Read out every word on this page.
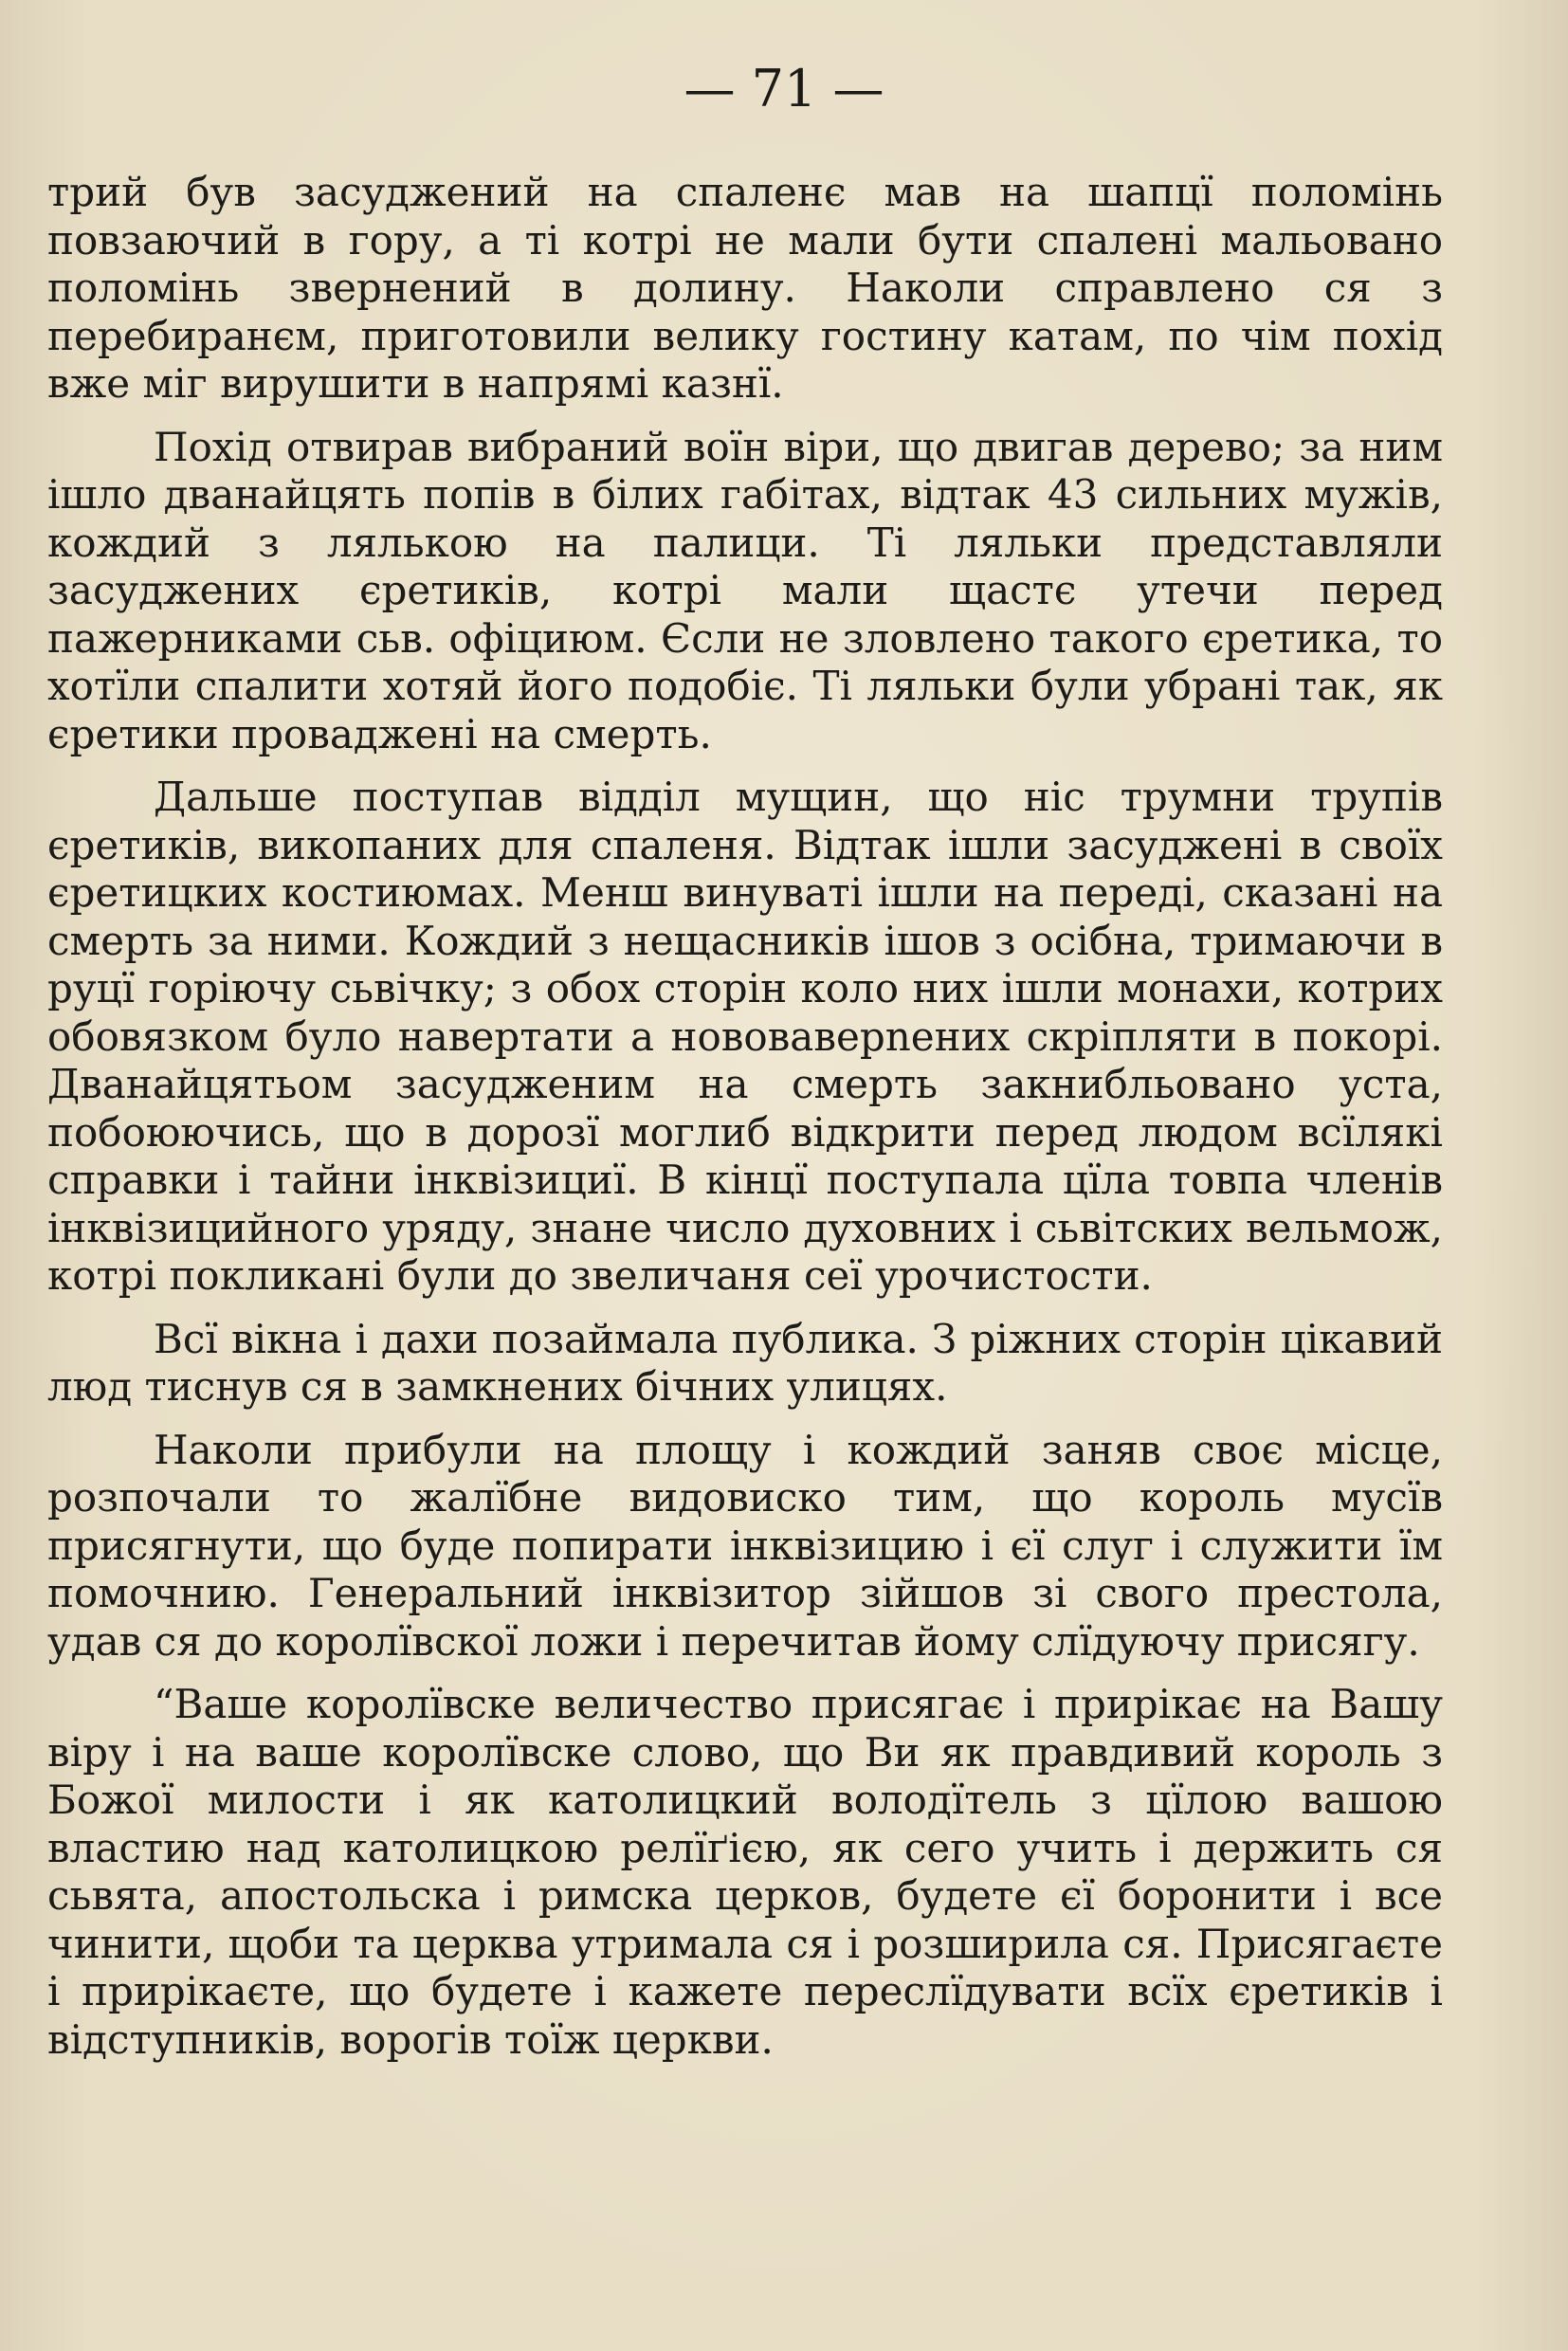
— 71 —

трий був засуджений на спаленє мав на шапцї поломінь повзаючий в гору, а ті котрі не мали бути спалені мальовано поломінь звернений в долину. Наколи справлено ся з перебиранєм, приготовили велику гостину катам, по чім похід вже міг вирушити в напрямі казнї.

Похід отвирав вибраний воїн віри, що двигав дерево; за ним ішло дванайцять попів в білих габітах, відтак 43 сильних мужів, кождий з лялькою на палици. Ті ляльки представляли засуджених єретиків, котрі мали щастє утечи перед пажерниками сьв. офіциюм. Єсли не зловлено такого єретика, то хотїли спалити хотяй його подобiє. Ті ляльки були убрані так, як єретики проваджені на смерть.

Дальше поступав відділ мущин, що ніс трумни трупів єретиків, викопаних для спаленя. Відтак ішли засуджені в своїх єретицких костиюмах. Менш винуваті ішли на переді, сказані на смерть за ними. Кождий з нещасників ішов з осібна, тримаючи в руцї горіючу сьвічку; з обох сторін коло них ішли монахи, котрих обовязком було навертати а нововаверnених скріпляти в покорі. Дванайцятьом засудженим на смерть закнибльовано уста, побоюючись, що в дорозї моглиб відкрити перед людом всїлякі справки і тайни інквізициї. В кінцї поступала цїла товпа членів інквізицийного уряду, знане число духовних і сьвітских вельмож, котрі покликані були до звеличаня сеї урочистости.

Всї вікна і дахи позаймала публика. З ріжних сторін цікавий люд тиснув ся в замкнених бічних улицях.

Наколи прибули на площу і кождий заняв своє місце, розпочали то жалїбне видовиско тим, що король мусїв присягнути, що буде попирати інквізицию і єї слуг і служити їм помочнию. Генеральний інквізитор зійшов зі свого престола, удав ся до королївскої ложи і перечитав йому слїдуючу присягу.

“Ваше королївске величество присягає і прирікає на Вашу віру і на ваше королївске слово, що Ви як правдивий король з Божої милости і як католицкий володїтель з цїлою вашою властию над католицкою релїґією, як сего учить і держить ся сьвята, апостольска і римска церков, будете єї боронити і все чинити, щоби та церква утримала ся і розширила ся. Присягаєте і прирікаєте, що будете і кажете переслїдувати всїх єретиків і відступників, ворогів тоїж церкви.
